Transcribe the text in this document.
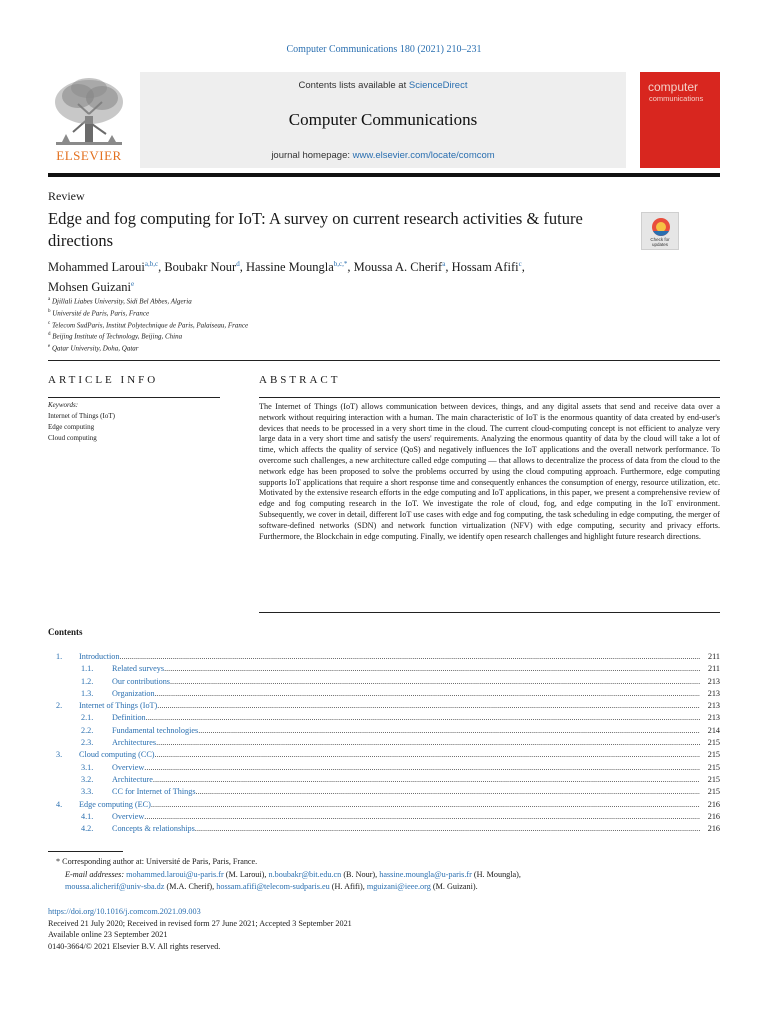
Computer Communications 180 (2021) 210–231
ELSEVIER
Contents lists available at ScienceDirect
Computer Communications
journal homepage: www.elsevier.com/locate/comcom
computer
communications
Review
Edge and fog computing for IoT: A survey on current research activities & future directions	Check for updates
Mohammed Laroui$^{a,b,c}$, Boubakr Nour$^d$, Hassine Moungla$^{b,c,*}$, Moussa A. Cherif$^a$, Hossam Afifi$^c$,
Mohsen Guizani$^e$
$^a$ Djillali Liabes University, Sidi Bel Abbes, Algeria
$^b$ Université de Paris, Paris, France
$^c$ Telecom SudParis, Institut Polytechnique de Paris, Palaiseau, France
$^d$ Beijing Institute of Technology, Beijing, China
$^e$ Qatar University, Doha, Qatar
ARTICLE INFO
Keywords:
Internet of Things (IoT)
Edge computing
Cloud computing
ABSTRACT
The Internet of Things (IoT) allows communication between devices, things, and any digital assets that send and receive data over a network without requiring interaction with a human. The main characteristic of IoT is the enormous quantity of data created by end-user's devices that needs to be processed in a very short time in the cloud. The current cloud-computing concept is not efficient to analyze very large data in a very short time and satisfy the users' requirements. Analyzing the enormous quantity of data by the cloud will take a lot of time, which affects the quality of service (QoS) and negatively influences the IoT applications and the overall network performance. To overcome such challenges, a new architecture called edge computing — that allows to decentralize the process of data from the cloud to the network edge has been proposed to solve the problems occurred by using the cloud computing approach. Furthermore, edge computing supports IoT applications that require a short response time and consequently enhances the consumption of energy, resource utilization, etc. Motivated by the extensive research efforts in the edge computing and IoT applications, in this paper, we present a comprehensive review of edge and fog computing research in the IoT. We investigate the role of cloud, fog, and edge computing in the IoT environment. Subsequently, we cover in detail, different IoT use cases with edge and fog computing, the task scheduling in edge computing, the merger of software-defined networks (SDN) and network function virtualization (NFV) with edge computing, security and privacy efforts. Furthermore, the Blockchain in edge computing. Finally, we identify open research challenges and highlight future research directions.
Contents
1.	Introduction .....	211
1.1.	Related surveys .....	211
1.2.	Our contributions .....	213
1.3.	Organization .....	213
2.	Internet of Things (IoT) .....	213
2.1.	Definition .....	213
2.2.	Fundamental technologies .....	214
2.3.	Architectures .....	215
3.	Cloud computing (CC) .....	215
3.1.	Overview .....	215
3.2.	Architecture .....	215
3.3.	CC for Internet of Things .....	215
4.	Edge computing (EC) .....	216
4.1.	Overview .....	216
4.2.	Concepts & relationships .....	216
* Corresponding author at: Université de Paris, Paris, France.
E-mail addresses: mohammed.laroui@u-paris.fr (M. Laroui), n.boubakr@bit.edu.cn (B. Nour), hassine.moungla@u-paris.fr (H. Moungla),
moussa.alicherif@univ-sba.dz (M.A. Cherif), hossam.afifi@telecom-sudparis.eu (H. Afifi), mguizani@ieee.org (M. Guizani).
https://doi.org/10.1016/j.comcom.2021.09.003
Received 21 July 2020; Received in revised form 27 June 2021; Accepted 3 September 2021
Available online 23 September 2021
0140-3664/© 2021 Elsevier B.V. All rights reserved.
